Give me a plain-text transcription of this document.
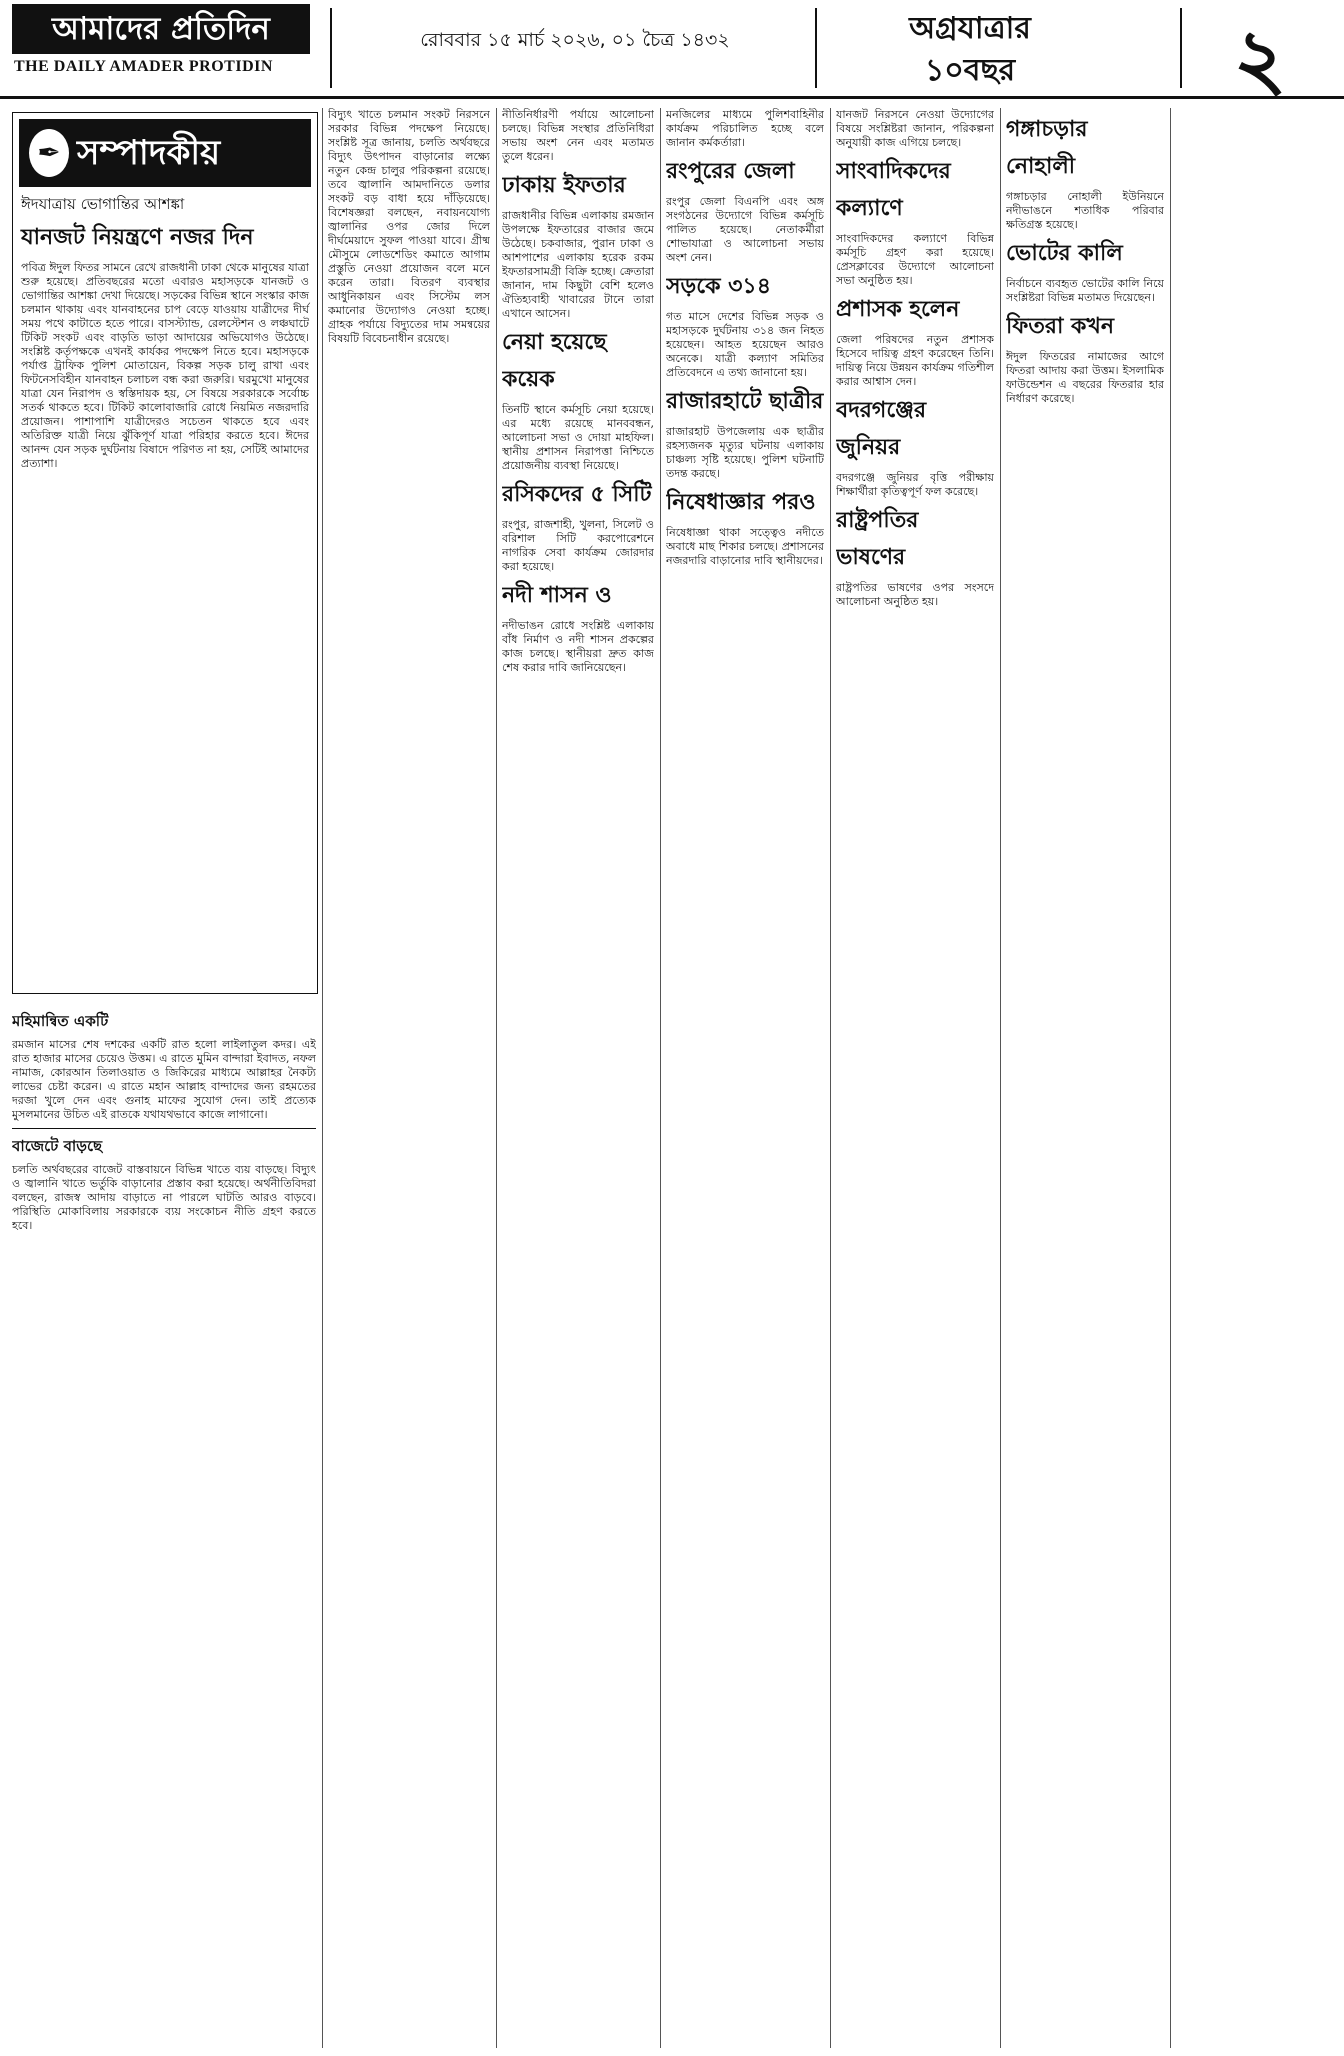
আমাদের প্রতিদিন
THE DAILY AMADER PROTIDIN
রোববার ১৫ মার্চ ২০২৬, ০১ চৈত্র ১৪৩২	অগ্রযাত্রার
১০বছর	২
✒ সম্পাদকীয়
ঈদযাত্রায় ভোগান্তির আশঙ্কা
যানজট নিয়ন্ত্রণে নজর দিন

পবিত্র ঈদুল ফিতর সামনে রেখে রাজধানী ঢাকা থেকে মানুষের যাত্রা শুরু হয়েছে। প্রতিবছরের মতো এবারও মহাসড়কে যানজট ও ভোগান্তির আশঙ্কা দেখা দিয়েছে। সড়কের বিভিন্ন স্থানে সংস্কার কাজ চলমান থাকায় এবং যানবাহনের চাপ বেড়ে যাওয়ায় যাত্রীদের দীর্ঘ সময় পথে কাটাতে হতে পারে। বাসস্ট্যান্ড, রেলস্টেশন ও লঞ্চঘাটে টিকিট সংকট এবং বাড়তি ভাড়া আদায়ের অভিযোগও উঠেছে। সংশ্লিষ্ট কর্তৃপক্ষকে এখনই কার্যকর পদক্ষেপ নিতে হবে। মহাসড়কে পর্যাপ্ত ট্রাফিক পুলিশ মোতায়েন, বিকল্প সড়ক চালু রাখা এবং ফিটনেসবিহীন যানবাহন চলাচল বন্ধ করা জরুরি। ঘরমুখো মানুষের যাত্রা যেন নিরাপদ ও স্বস্তিদায়ক হয়, সে বিষয়ে সরকারকে সর্বোচ্চ সতর্ক থাকতে হবে। টিকিট কালোবাজারি রোধে নিয়মিত নজরদারি প্রয়োজন। পাশাপাশি যাত্রীদেরও সচেতন থাকতে হবে এবং অতিরিক্ত যাত্রী নিয়ে ঝুঁকিপূর্ণ যাত্রা পরিহার করতে হবে। ঈদের আনন্দ যেন সড়ক দুর্ঘটনায় বিষাদে পরিণত না হয়, সেটিই আমাদের প্রত্যাশা।

মহিমান্বিত একটি

রমজান মাসের শেষ দশকের একটি রাত হলো লাইলাতুল কদর। এই রাত হাজার মাসের চেয়েও উত্তম। এ রাতে মুমিন বান্দারা ইবাদত, নফল নামাজ, কোরআন তিলাওয়াত ও জিকিরের মাধ্যমে আল্লাহর নৈকট্য লাভের চেষ্টা করেন। এ রাতে মহান আল্লাহ বান্দাদের জন্য রহমতের দরজা খুলে দেন এবং গুনাহ মাফের সুযোগ দেন। তাই প্রত্যেক মুসলমানের উচিত এই রাতকে যথাযথভাবে কাজে লাগানো।

বাজেটে বাড়ছে

চলতি অর্থবছরের বাজেট বাস্তবায়নে বিভিন্ন খাতে ব্যয় বাড়ছে। বিদ্যুৎ ও জ্বালানি খাতে ভর্তুকি বাড়ানোর প্রস্তাব করা হয়েছে। অর্থনীতিবিদরা বলছেন, রাজস্ব আদায় বাড়াতে না পারলে ঘাটতি আরও বাড়বে। পরিস্থিতি মোকাবিলায় সরকারকে ব্যয় সংকোচন নীতি গ্রহণ করতে হবে।

বিদ্যুৎ খাতে চলমান সংকট নিরসনে সরকার বিভিন্ন পদক্ষেপ নিয়েছে। সংশ্লিষ্ট সূত্র জানায়, চলতি অর্থবছরে বিদ্যুৎ উৎপাদন বাড়ানোর লক্ষ্যে নতুন কেন্দ্র চালুর পরিকল্পনা রয়েছে। তবে জ্বালানি আমদানিতে ডলার সংকট বড় বাধা হয়ে দাঁড়িয়েছে। বিশেষজ্ঞরা বলছেন, নবায়নযোগ্য জ্বালানির ওপর জোর দিলে দীর্ঘমেয়াদে সুফল পাওয়া যাবে। গ্রীষ্ম মৌসুমে লোডশেডিং কমাতে আগাম প্রস্তুতি নেওয়া প্রয়োজন বলে মনে করেন তারা। বিতরণ ব্যবস্থার আধুনিকায়ন এবং সিস্টেম লস কমানোর উদ্যোগও নেওয়া হচ্ছে। গ্রাহক পর্যায়ে বিদ্যুতের দাম সমন্বয়ের বিষয়টি বিবেচনাধীন রয়েছে।

নীতিনির্ধারণী পর্যায়ে আলোচনা চলছে। বিভিন্ন সংস্থার প্রতিনিধিরা সভায় অংশ নেন এবং মতামত তুলে ধরেন।

ঢাকায় ইফতার

রাজধানীর বিভিন্ন এলাকায় রমজান উপলক্ষে ইফতারের বাজার জমে উঠেছে। চকবাজার, পুরান ঢাকা ও আশপাশের এলাকায় হরেক রকম ইফতারসামগ্রী বিক্রি হচ্ছে। ক্রেতারা জানান, দাম কিছুটা বেশি হলেও ঐতিহ্যবাহী খাবারের টানে তারা এখানে আসেন।

নেয়া হয়েছে কয়েক

তিনটি স্থানে কর্মসূচি নেয়া হয়েছে। এর মধ্যে রয়েছে মানববন্ধন, আলোচনা সভা ও দোয়া মাহফিল। স্থানীয় প্রশাসন নিরাপত্তা নিশ্চিতে প্রয়োজনীয় ব্যবস্থা নিয়েছে।

রসিকদের ৫ সিটি

রংপুর, রাজশাহী, খুলনা, সিলেট ও বরিশাল সিটি করপোরেশনে নাগরিক সেবা কার্যক্রম জোরদার করা হয়েছে।

নদী শাসন ও

নদীভাঙন রোধে সংশ্লিষ্ট এলাকায় বাঁধ নির্মাণ ও নদী শাসন প্রকল্পের কাজ চলছে। স্থানীয়রা দ্রুত কাজ শেষ করার দাবি জানিয়েছেন।

মনজিলের মাধ্যমে পুলিশবাহিনীর কার্যক্রম পরিচালিত হচ্ছে বলে জানান কর্মকর্তারা।

রংপুরের জেলা

রংপুর জেলা বিএনপি এবং অঙ্গ সংগঠনের উদ্যোগে বিভিন্ন কর্মসূচি পালিত হয়েছে। নেতাকর্মীরা শোভাযাত্রা ও আলোচনা সভায় অংশ নেন।

সড়কে ৩১৪

গত মাসে দেশের বিভিন্ন সড়ক ও মহাসড়কে দুর্ঘটনায় ৩১৪ জন নিহত হয়েছেন। আহত হয়েছেন আরও অনেকে। যাত্রী কল্যাণ সমিতির প্রতিবেদনে এ তথ্য জানানো হয়।

রাজারহাটে ছাত্রীর

রাজারহাট উপজেলায় এক ছাত্রীর রহস্যজনক মৃত্যুর ঘটনায় এলাকায় চাঞ্চল্য সৃষ্টি হয়েছে। পুলিশ ঘটনাটি তদন্ত করছে।

নিষেধাজ্ঞার পরও

নিষেধাজ্ঞা থাকা সত্ত্বেও নদীতে অবাধে মাছ শিকার চলছে। প্রশাসনের নজরদারি বাড়ানোর দাবি স্থানীয়দের।

যানজট নিরসনে নেওয়া উদ্যোগের বিষয়ে সংশ্লিষ্টরা জানান, পরিকল্পনা অনুযায়ী কাজ এগিয়ে চলছে।

সাংবাদিকদের কল্যাণে

সাংবাদিকদের কল্যাণে বিভিন্ন কর্মসূচি গ্রহণ করা হয়েছে। প্রেসক্লাবের উদ্যোগে আলোচনা সভা অনুষ্ঠিত হয়।

প্রশাসক হলেন

জেলা পরিষদের নতুন প্রশাসক হিসেবে দায়িত্ব গ্রহণ করেছেন তিনি। দায়িত্ব নিয়ে উন্নয়ন কার্যক্রম গতিশীল করার আশ্বাস দেন।

বদরগঞ্জের জুনিয়র

বদরগঞ্জে জুনিয়র বৃত্তি পরীক্ষায় শিক্ষার্থীরা কৃতিত্বপূর্ণ ফল করেছে।

রাষ্ট্রপতির ভাষণের

রাষ্ট্রপতির ভাষণের ওপর সংসদে আলোচনা অনুষ্ঠিত হয়।

গঙ্গাচড়ার নোহালী

গঙ্গাচড়ার নোহালী ইউনিয়নে নদীভাঙনে শতাধিক পরিবার ক্ষতিগ্রস্ত হয়েছে।

ভোটের কালি

নির্বাচনে ব্যবহৃত ভোটের কালি নিয়ে সংশ্লিষ্টরা বিভিন্ন মতামত দিয়েছেন।

ফিতরা কখন

ঈদুল ফিতরের নামাজের আগে ফিতরা আদায় করা উত্তম। ইসলামিক ফাউন্ডেশন এ বছরের ফিতরার হার নির্ধারণ করেছে।
